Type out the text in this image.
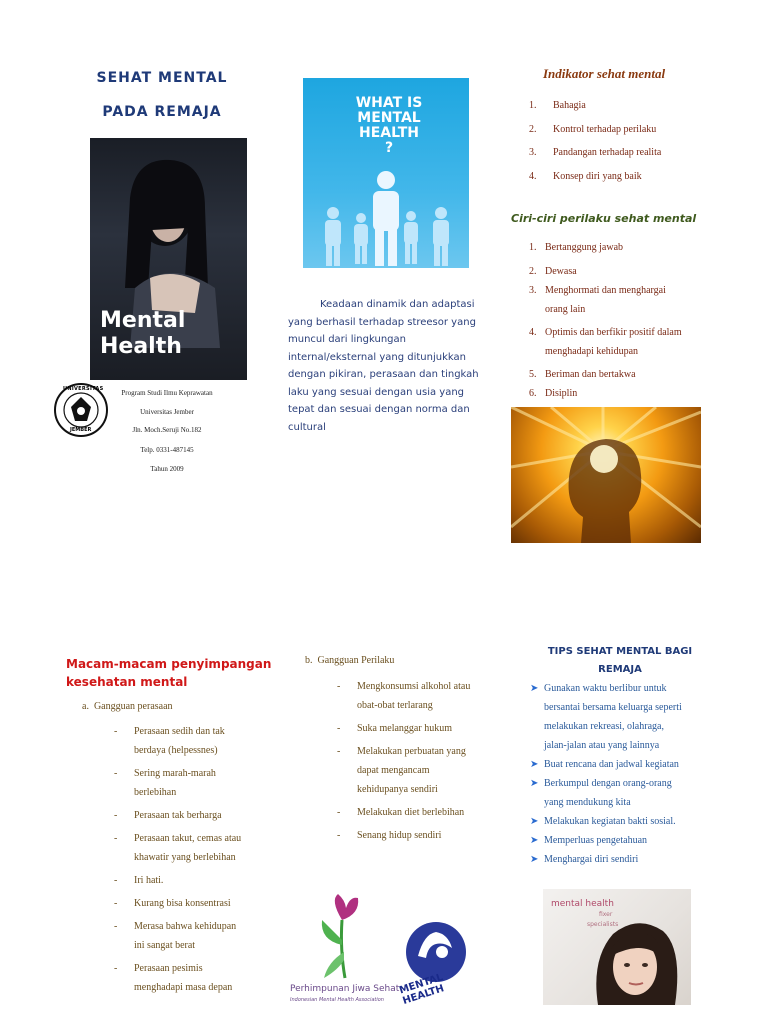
SEHAT MENTAL
PADA REMAJA
Mental
Health
UNIVERSITAS
JEMBER
Program Studi Ilmu Keprawatan
Universitas Jember
Jln. Moch.Seruji No.182
Telp. 0331-487145
Tahun 2009
WHAT IS
MENTAL
HEALTH
?
Keadaan dinamik dan adaptasi
yang berhasil terhadap streesor yang
muncul dari lingkungan
internal/eksternal yang ditunjukkan
dengan pikiran, perasaan dan tingkah
laku yang sesuai dengan usia yang
tepat dan sesuai dengan norma dan
cultural
Indikator sehat mental
1. Bahagia
2. Kontrol terhadap perilaku
3. Pandangan terhadap realita
4. Konsep diri yang baik
Ciri-ciri perilaku sehat mental
1. Bertanggung jawab
2. Dewasa
3. Menghormati dan menghargai
orang lain
4. Optimis dan berfikir positif dalam
menghadapi kehidupan
5. Beriman dan bertakwa
6. Disiplin
Macam-macam penyimpangan
kesehatan mental
a. Gangguan perasaan
- Perasaan sedih dan tak
berdaya (helpessnes)
- Sering marah-marah
berlebihan
- Perasaan tak berharga
- Perasaan takut, cemas atau
khawatir yang berlebihan
- Iri hati.
- Kurang bisa konsentrasi
- Merasa bahwa kehidupan
ini sangat berat
- Perasaan pesimis
menghadapi masa depan
b. Gangguan Perilaku
- Mengkonsumsi alkohol atau
obat-obat terlarang
- Suka melanggar hukum
- Melakukan perbuatan yang
dapat mengancam
kehidupanya sendiri
- Melakukan diet berlebihan
- Senang hidup sendiri
Perhimpunan Jiwa Sehat
Indonesian Mental Health Association
MENTAL HEALTH
TIPS SEHAT MENTAL BAGI
REMAJA
➤ Gunakan waktu berlibur untuk
bersantai bersama keluarga seperti
melakukan rekreasi, olahraga,
jalan-jalan atau yang lainnya
➤ Buat rencana dan jadwal kegiatan
➤ Berkumpul dengan orang-orang
yang mendukung kita
➤ Melakukan kegiatan bakti sosial.
➤ Memperluas pengetahuan
➤ Menghargai diri sendiri
mental health
fixer
specialists
